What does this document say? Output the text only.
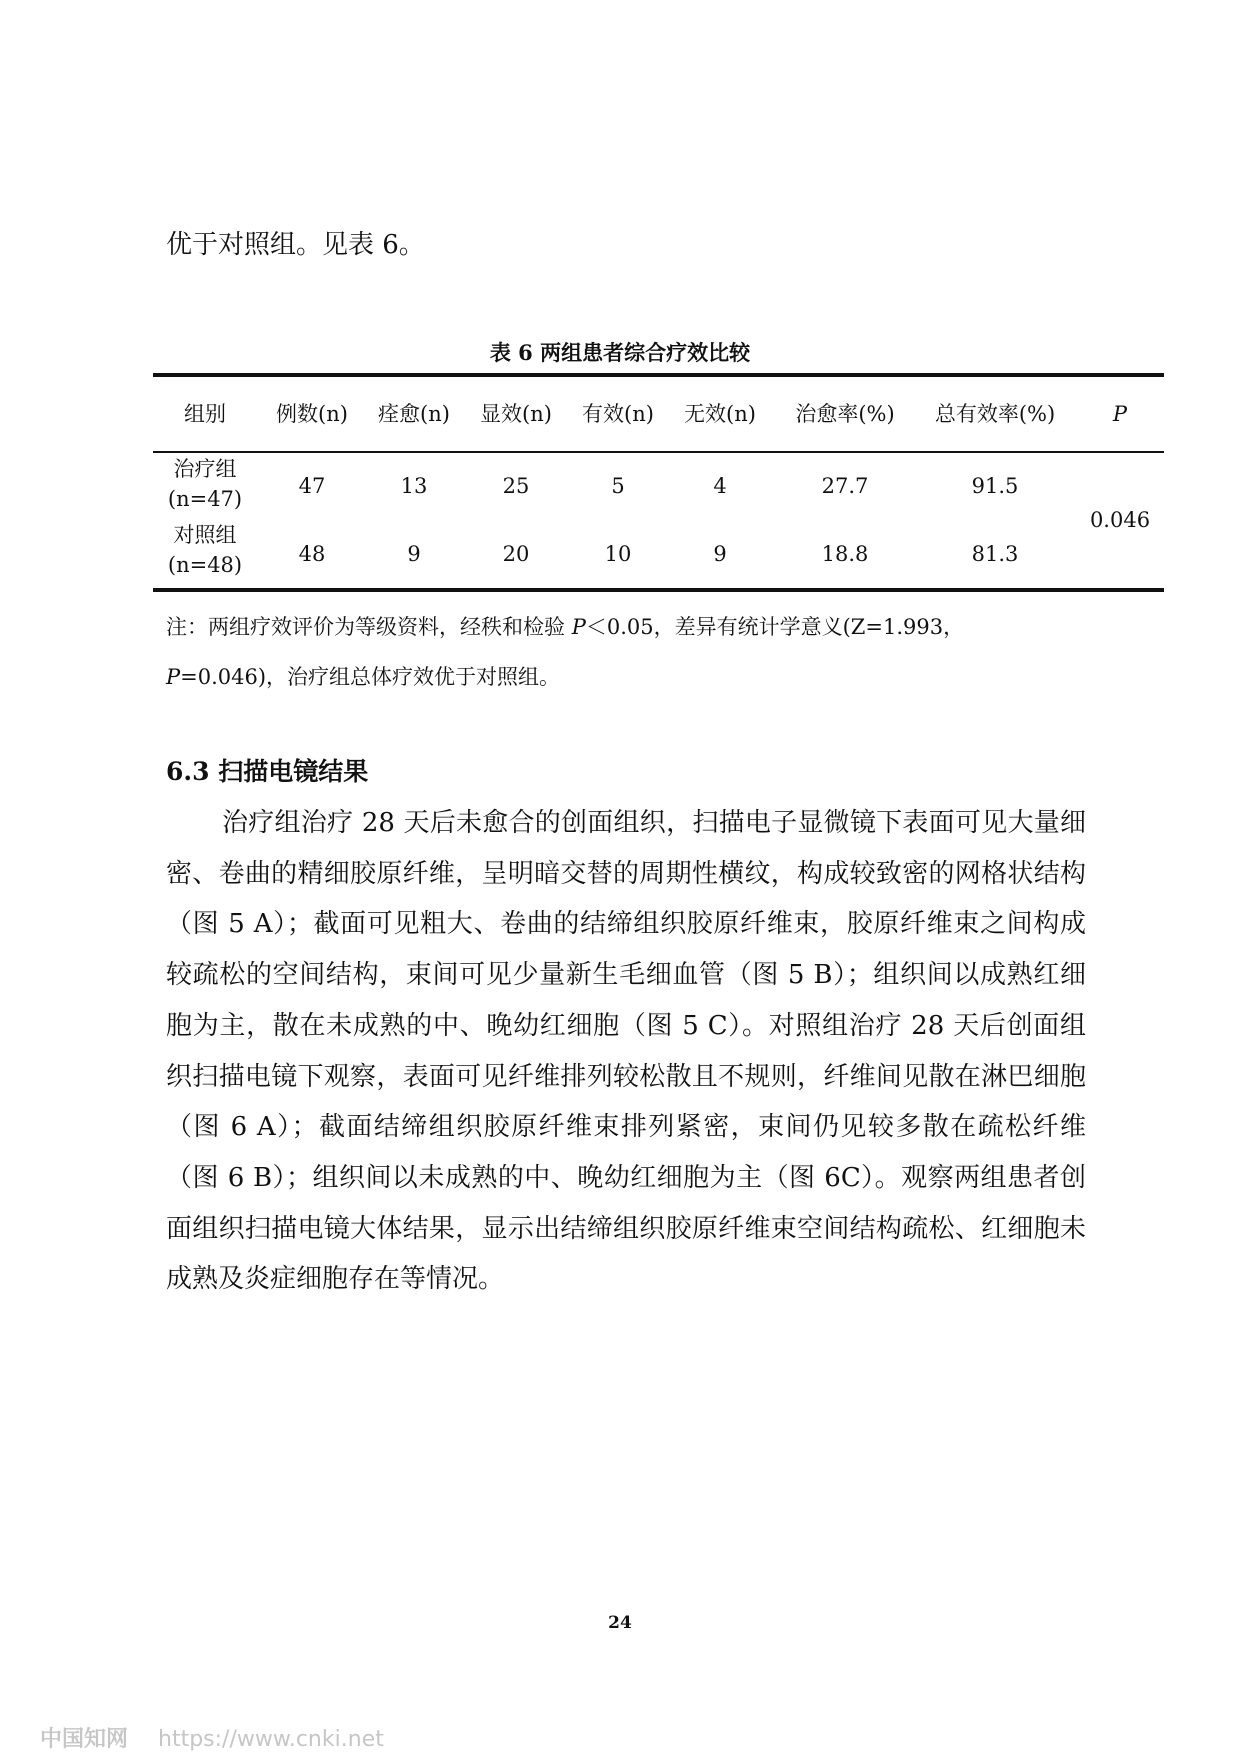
优于对照组。见表 6。
表 6 两组患者综合疗效比较
组别	例数(n)	痊愈(n)	显效(n)	有效(n)	无效(n)	治愈率(%)	总有效率(%)	P
治疗组
(n=47)
47	13	25	5	4	27.7	91.5
对照组
(n=48)	48	9	20	10	9	18.8	81.3
0.046
注：两组疗效评价为等级资料，经秩和检验 P＜0.05，差异有统计学意义(Z=1.993，
P=0.046)，治疗组总体疗效优于对照组。
6.3 扫描电镜结果

治疗组治疗 28 天后未愈合的创面组织，扫描电子显微镜下表面可见大量细密、卷曲的精细胶原纤维，呈明暗交替的周期性横纹，构成较致密的网格状结构（图 5 A）；截面可见粗大、卷曲的结缔组织胶原纤维束，胶原纤维束之间构成较疏松的空间结构，束间可见少量新生毛细血管（图 5 B）；组织间以成熟红细胞为主，散在未成熟的中、晚幼红细胞（图 5 C）。对照组治疗 28 天后创面组织扫描电镜下观察，表面可见纤维排列较松散且不规则，纤维间见散在淋巴细胞（图 6 A）；截面结缔组织胶原纤维束排列紧密，束间仍见较多散在疏松纤维（图 6 B）；组织间以未成熟的中、晚幼红细胞为主（图 6C）。观察两组患者创面组织扫描电镜大体结果，显示出结缔组织胶原纤维束空间结构疏松、红细胞未成熟及炎症细胞存在等情况。

24
中国知网 https://www.cnki.net
